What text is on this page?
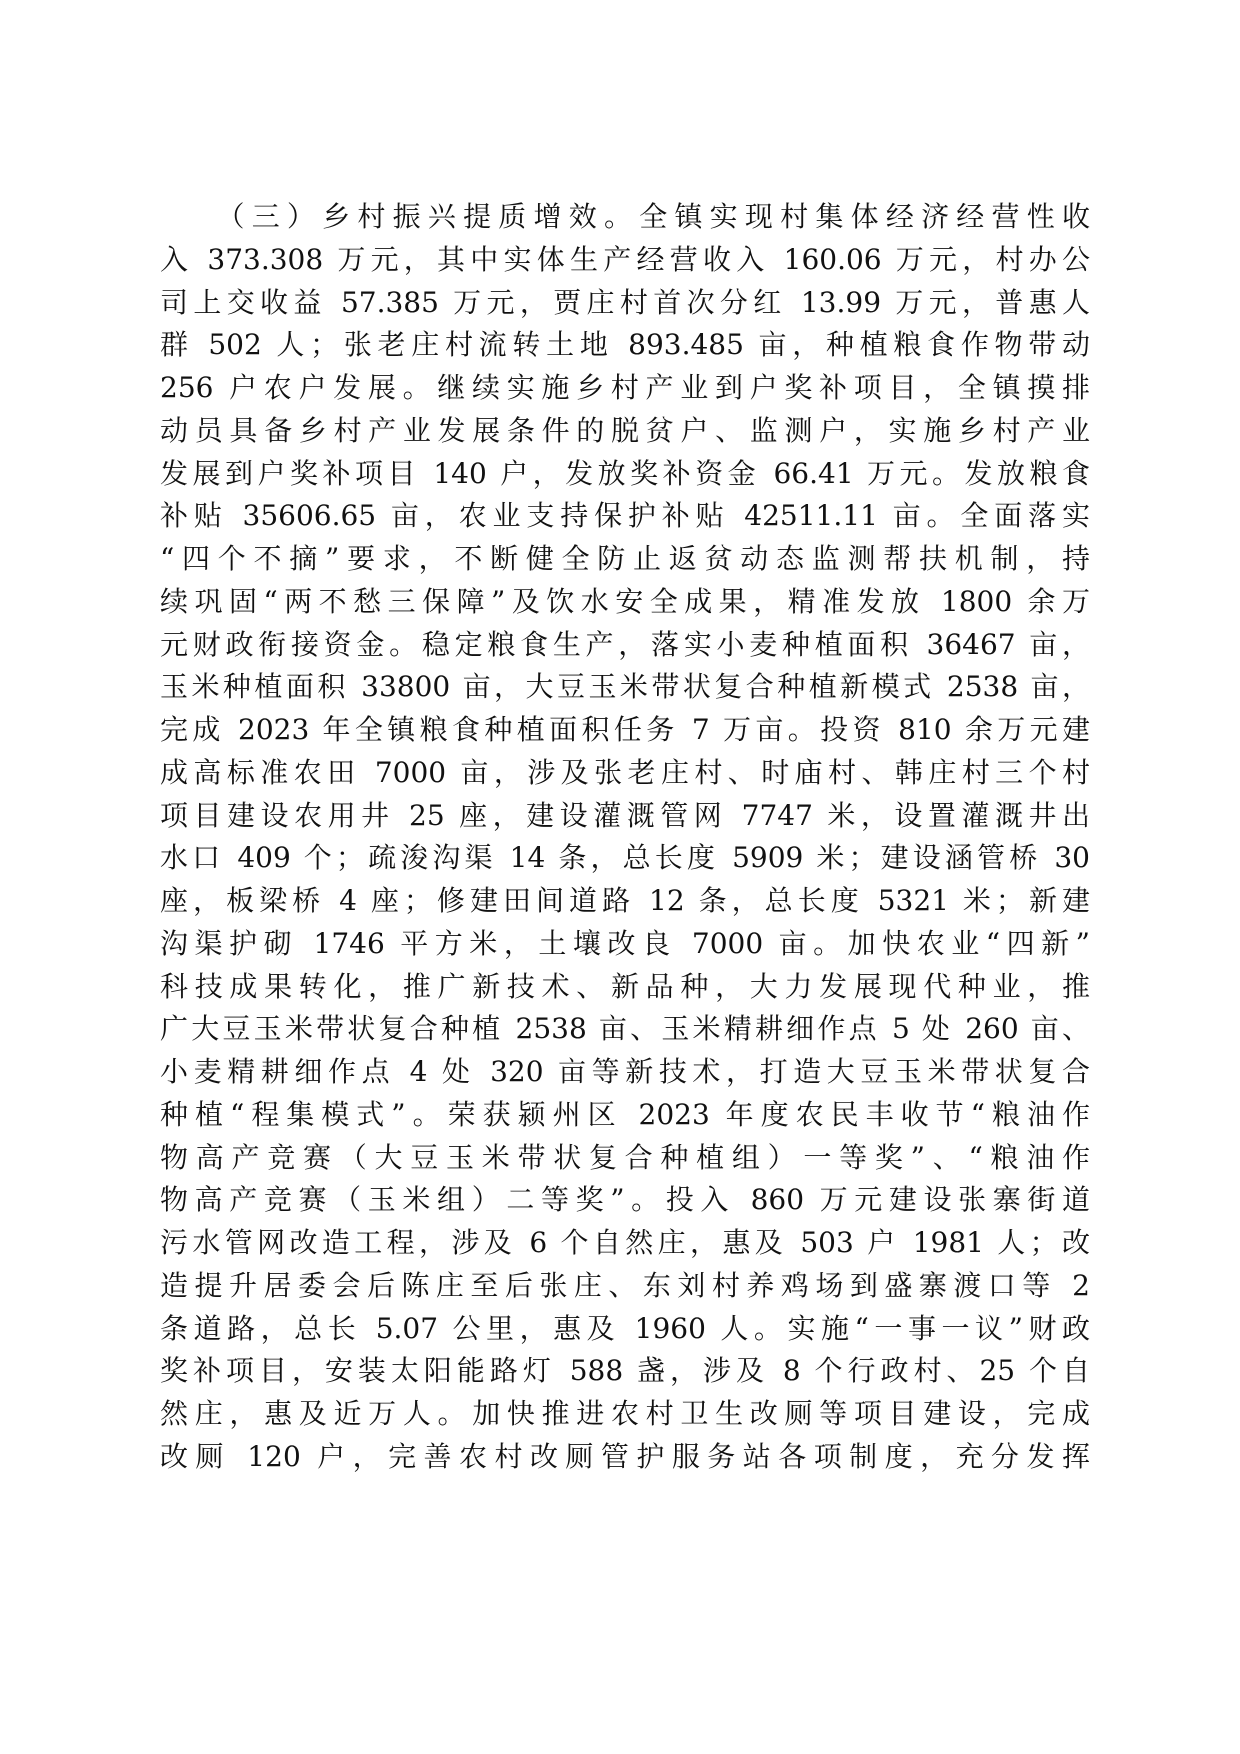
　　（三）乡村振兴提质增效。全镇实现村集体经济经营性收
入 373.308 万元，其中实体生产经营收入 160.06 万元，村办公
司上交收益 57.385 万元，贾庄村首次分红 13.99 万元，普惠人
群 502 人；张老庄村流转土地 893.485 亩，种植粮食作物带动
256 户农户发展。继续实施乡村产业到户奖补项目，全镇摸排
动员具备乡村产业发展条件的脱贫户、监测户，实施乡村产业
发展到户奖补项目 140 户，发放奖补资金 66.41 万元。发放粮食
补贴 35606.65 亩，农业支持保护补贴 42511.11 亩。全面落实
“四个不摘”要求，不断健全防止返贫动态监测帮扶机制，持
续巩固“两不愁三保障”及饮水安全成果，精准发放 1800 余万
元财政衔接资金。稳定粮食生产，落实小麦种植面积 36467 亩，
玉米种植面积 33800 亩，大豆玉米带状复合种植新模式 2538 亩，
完成 2023 年全镇粮食种植面积任务 7 万亩。投资 810 余万元建
成高标准农田 7000 亩，涉及张老庄村、时庙村、韩庄村三个村
项目建设农用井 25 座，建设灌溉管网 7747 米，设置灌溉井出
水口 409 个；疏浚沟渠 14 条，总长度 5909 米；建设涵管桥 30
座，板梁桥 4 座；修建田间道路 12 条，总长度 5321 米；新建
沟渠护砌 1746 平方米，土壤改良 7000 亩。加快农业“四新”
科技成果转化，推广新技术、新品种，大力发展现代种业，推
广大豆玉米带状复合种植 2538 亩、玉米精耕细作点 5 处 260 亩、
小麦精耕细作点 4 处 320 亩等新技术，打造大豆玉米带状复合
种植“程集模式”。荣获颍州区 2023 年度农民丰收节“粮油作
物高产竞赛（大豆玉米带状复合种植组）一等奖”、“粮油作
物高产竞赛（玉米组）二等奖”。投入 860 万元建设张寨街道
污水管网改造工程，涉及 6 个自然庄，惠及 503 户 1981 人；改
造提升居委会后陈庄至后张庄、东刘村养鸡场到盛寨渡口等 2
条道路，总长 5.07 公里，惠及 1960 人。实施“一事一议”财政
奖补项目，安装太阳能路灯 588 盏，涉及 8 个行政村、25 个自
然庄，惠及近万人。加快推进农村卫生改厕等项目建设，完成
改厕 120 户，完善农村改厕管护服务站各项制度，充分发挥
